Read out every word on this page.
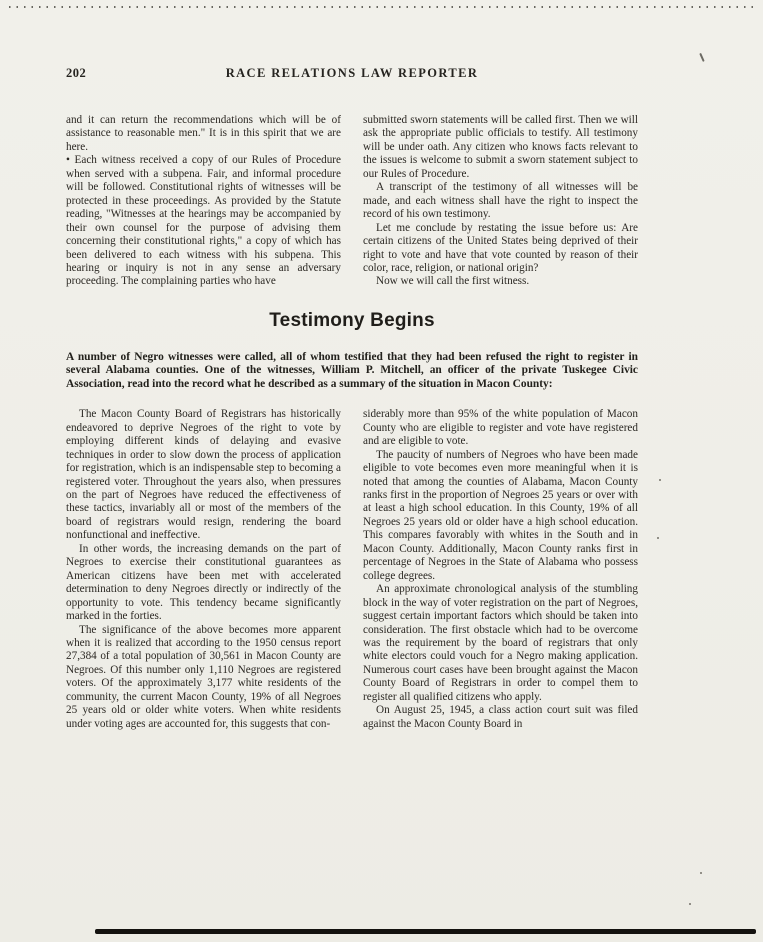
202	RACE RELATIONS LAW REPORTER

and it can return the recommendations which will be of assistance to reasonable men." It is in this spirit that we are here.

• Each witness received a copy of our Rules of Procedure when served with a subpena. Fair, and informal procedure will be followed. Constitutional rights of witnesses will be protected in these proceedings. As provided by the Statute reading, "Witnesses at the hearings may be accompanied by their own counsel for the purpose of advising them concerning their constitutional rights," a copy of which has been delivered to each witness with his subpena. This hearing or inquiry is not in any sense an adversary proceeding. The complaining parties who have

submitted sworn statements will be called first. Then we will ask the appropriate public officials to testify. All testimony will be under oath. Any citizen who knows facts relevant to the issues is welcome to submit a sworn statement subject to our Rules of Procedure.

A transcript of the testimony of all witnesses will be made, and each witness shall have the right to inspect the record of his own testimony.

Let me conclude by restating the issue before us: Are certain citizens of the United States being deprived of their right to vote and have that vote counted by reason of their color, race, religion, or national origin?

Now we will call the first witness.

Testimony Begins

A number of Negro witnesses were called, all of whom testified that they had been refused the right to register in several Alabama counties. One of the witnesses, William P. Mitchell, an officer of the private Tuskegee Civic Association, read into the record what he described as a summary of the situation in Macon County:

The Macon County Board of Registrars has historically endeavored to deprive Negroes of the right to vote by employing different kinds of delaying and evasive techniques in order to slow down the process of application for registration, which is an indispensable step to becoming a registered voter. Throughout the years also, when pressures on the part of Negroes have reduced the effectiveness of these tactics, invariably all or most of the members of the board of registrars would resign, rendering the board nonfunctional and ineffective.

In other words, the increasing demands on the part of Negroes to exercise their constitutional guarantees as American citizens have been met with accelerated determination to deny Negroes directly or indirectly of the opportunity to vote. This tendency became significantly marked in the forties.

The significance of the above becomes more apparent when it is realized that according to the 1950 census report 27,384 of a total population of 30,561 in Macon County are Negroes. Of this number only 1,110 Negroes are registered voters. Of the approximately 3,177 white residents of the community, the current Macon County, 19% of all Negroes 25 years old or older white voters. When white residents under voting ages are accounted for, this suggests that con-

siderably more than 95% of the white population of Macon County who are eligible to register and vote have registered and are eligible to vote.

The paucity of numbers of Negroes who have been made eligible to vote becomes even more meaningful when it is noted that among the counties of Alabama, Macon County ranks first in the proportion of Negroes 25 years or over with at least a high school education. In this County, 19% of all Negroes 25 years old or older have a high school education. This compares favorably with whites in the South and in Macon County. Additionally, Macon County ranks first in percentage of Negroes in the State of Alabama who possess college degrees.

An approximate chronological analysis of the stumbling block in the way of voter registration on the part of Negroes, suggest certain important factors which should be taken into consideration. The first obstacle which had to be overcome was the requirement by the board of registrars that only white electors could vouch for a Negro making application. Numerous court cases have been brought against the Macon County Board of Registrars in order to compel them to register all qualified citizens who apply.

On August 25, 1945, a class action court suit was filed against the Macon County Board in
